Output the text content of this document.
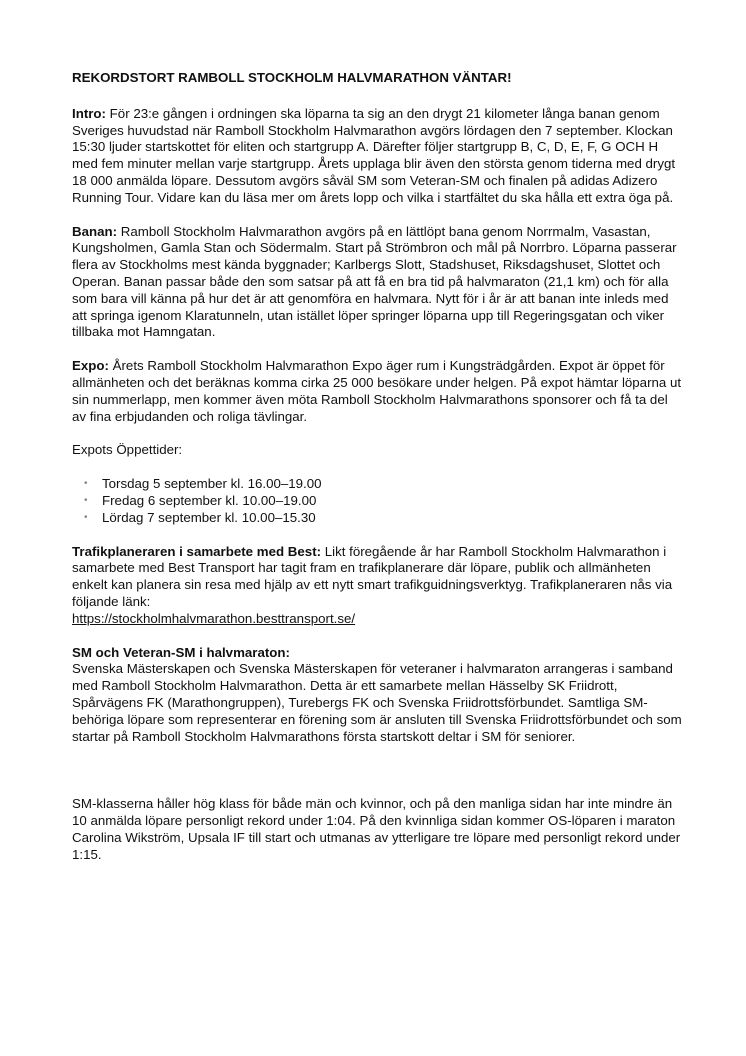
REKORDSTORT RAMBOLL STOCKHOLM HALVMARATHON VÄNTAR!

Intro: För 23:e gången i ordningen ska löparna ta sig an den drygt 21 kilometer långa banan genom Sveriges huvudstad när Ramboll Stockholm Halvmarathon avgörs lördagen den 7 september. Klockan 15:30 ljuder startskottet för eliten och startgrupp A. Därefter följer startgrupp B, C, D, E, F, G OCH H med fem minuter mellan varje startgrupp. Årets upplaga blir även den största genom tiderna med drygt 18 000 anmälda löpare. Dessutom avgörs såväl SM som Veteran-SM och finalen på adidas Adizero Running Tour. Vidare kan du läsa mer om årets lopp och vilka i startfältet du ska hålla ett extra öga på.

Banan: Ramboll Stockholm Halvmarathon avgörs på en lättlöpt bana genom Norrmalm, Vasastan, Kungsholmen, Gamla Stan och Södermalm. Start på Strömbron och mål på Norrbro. Löparna passerar flera av Stockholms mest kända byggnader; Karlbergs Slott, Stadshuset, Riksdagshuset, Slottet och Operan. Banan passar både den som satsar på att få en bra tid på halvmaraton (21,1 km) och för alla som bara vill känna på hur det är att genomföra en halvmara. Nytt för i år är att banan inte inleds med att springa igenom Klaratunneln, utan istället löper springer löparna upp till Regeringsgatan och viker tillbaka mot Hamngatan.

Expo: Årets Ramboll Stockholm Halvmarathon Expo äger rum i Kungsträdgården. Expot är öppet för allmänheten och det beräknas komma cirka 25 000 besökare under helgen. På expot hämtar löparna ut sin nummerlapp, men kommer även möta Ramboll Stockholm Halvmarathons sponsorer och få ta del av fina erbjudanden och roliga tävlingar.

Expots Öppettider:

• Torsdag 5 september kl. 16.00–19.00
• Fredag 6 september kl. 10.00–19.00
• Lördag 7 september kl. 10.00–15.30

Trafikplaneraren i samarbete med Best: Likt föregående år har Ramboll Stockholm Halvmarathon i samarbete med Best Transport har tagit fram en trafikplanerare där löpare, publik och allmänheten enkelt kan planera sin resa med hjälp av ett nytt smart trafikguidningsverktyg. Trafikplaneraren nås via följande länk:
https://stockholmhalvmarathon.besttransport.se/

SM och Veteran-SM i halvmaraton:
Svenska Mästerskapen och Svenska Mästerskapen för veteraner i halvmaraton arrangeras i samband med Ramboll Stockholm Halvmarathon. Detta är ett samarbete mellan Hässelby SK Friidrott, Spårvägens FK (Marathongruppen), Turebergs FK och Svenska Friidrottsförbundet. Samtliga SM-behöriga löpare som representerar en förening som är ansluten till Svenska Friidrottsförbundet och som startar på Ramboll Stockholm Halvmarathons första startskott deltar i SM för seniorer.

SM-klasserna håller hög klass för både män och kvinnor, och på den manliga sidan har inte mindre än 10 anmälda löpare personligt rekord under 1:04. På den kvinnliga sidan kommer OS-löparen i maraton Carolina Wikström, Upsala IF till start och utmanas av ytterligare tre löpare med personligt rekord under 1:15.
